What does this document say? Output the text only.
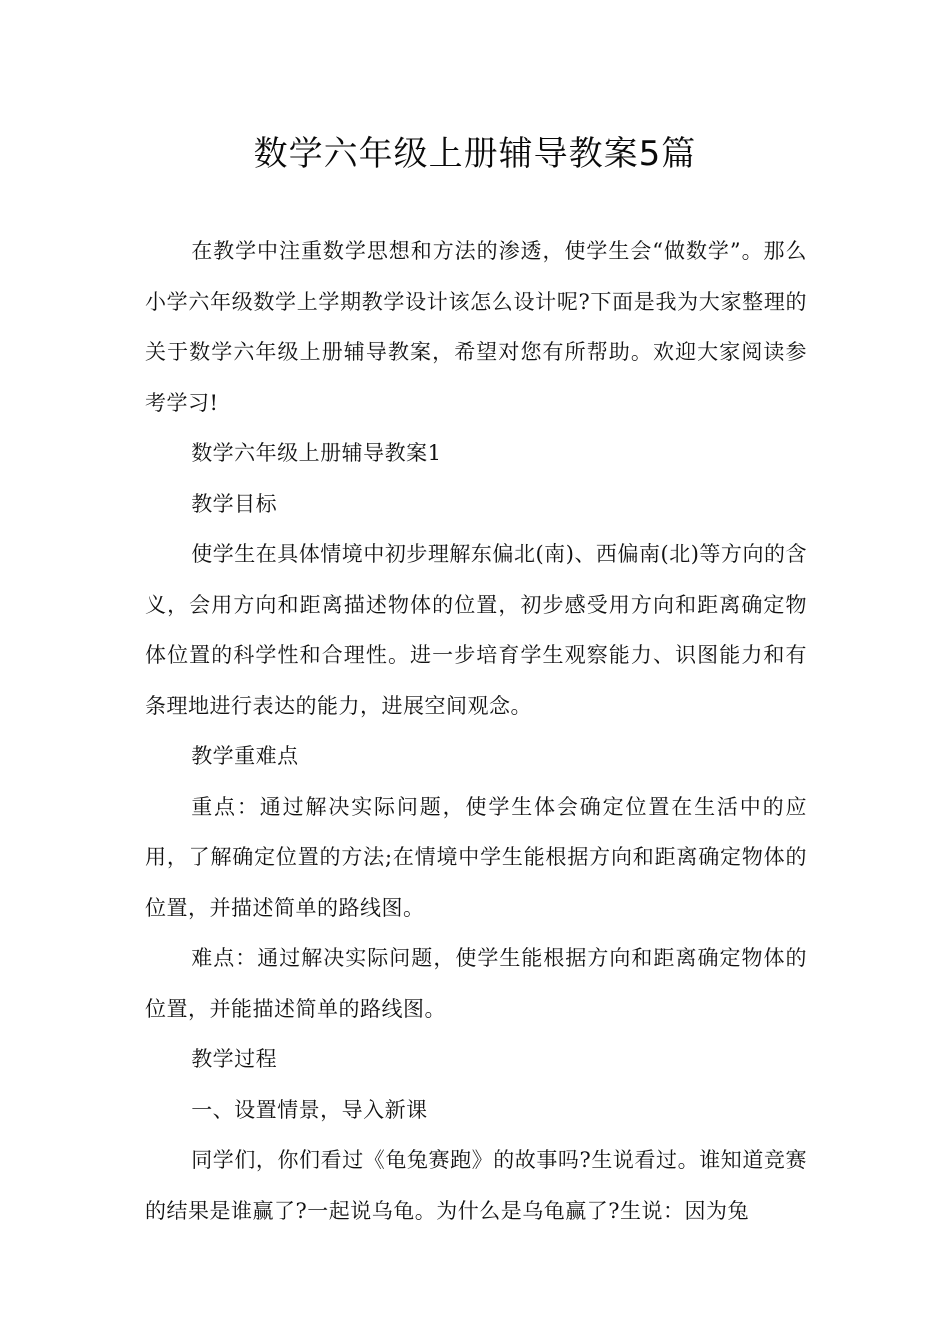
数学六年级上册辅导教案5篇

在教学中注重数学思想和方法的渗透，使学生会“做数学”。那么小学六年级数学上学期教学设计该怎么设计呢?下面是我为大家整理的关于数学六年级上册辅导教案，希望对您有所帮助。欢迎大家阅读参考学习!

数学六年级上册辅导教案1

教学目标

使学生在具体情境中初步理解东偏北(南)、西偏南(北)等方向的含义，会用方向和距离描述物体的位置，初步感受用方向和距离确定物体位置的科学性和合理性。进一步培育学生观察能力、识图能力和有条理地进行表达的能力，进展空间观念。

教学重难点

重点：通过解决实际问题，使学生体会确定位置在生活中的应用，了解确定位置的方法;在情境中学生能根据方向和距离确定物体的位置，并描述简单的路线图。

难点：通过解决实际问题，使学生能根据方向和距离确定物体的位置，并能描述简单的路线图。

教学过程

一、设置情景，导入新课

同学们，你们看过《龟兔赛跑》的故事吗?生说看过。谁知道竞赛的结果是谁赢了?一起说乌龟。为什么是乌龟赢了?生说：因为兔
